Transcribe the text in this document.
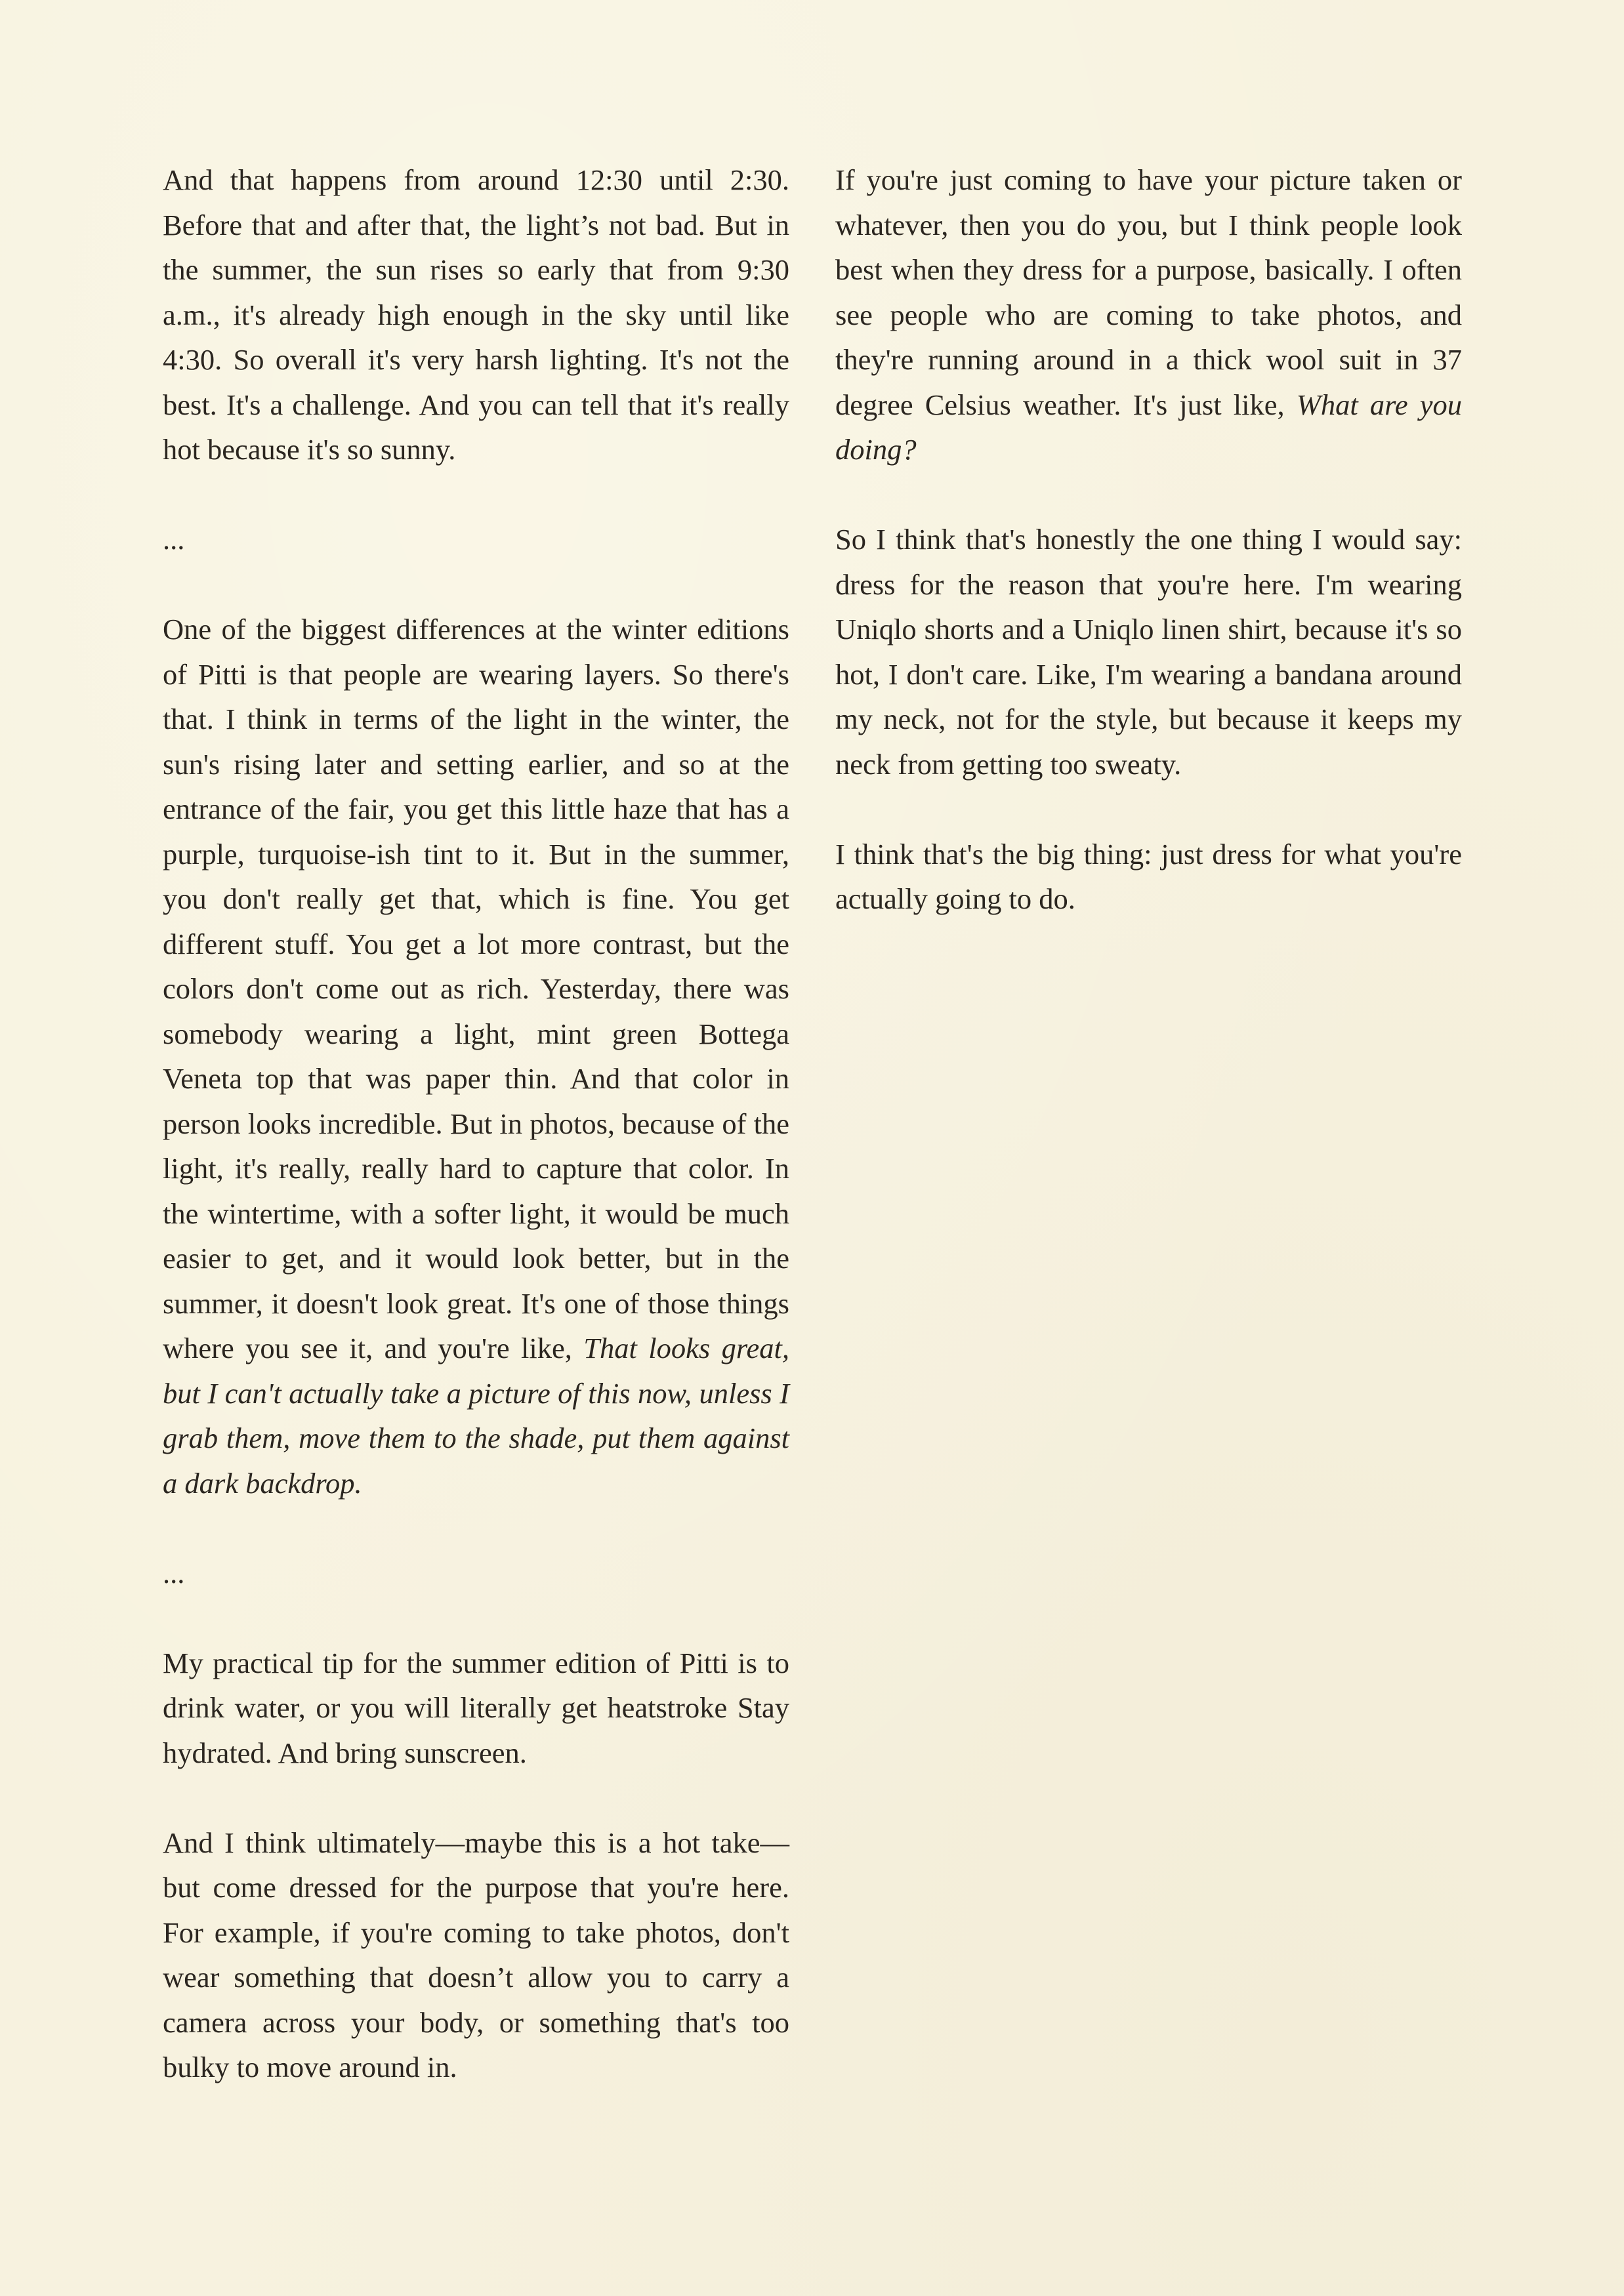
And that happens from around 12:30 until 2:30. Before that and after that, the light’s not bad. But in the summer, the sun rises so early that from 9:30 a.m., it's already high enough in the sky until like 4:30. So overall it's very harsh lighting. It's not the best. It's a challenge. And you can tell that it's really hot because it's so sunny.

...

One of the biggest differences at the winter editions of Pitti is that people are wearing layers. So there's that. I think in terms of the light in the winter, the sun's rising later and setting earlier, and so at the entrance of the fair, you get this little haze that has a purple, turquoise-ish tint to it. But in the summer, you don't really get that, which is fine. You get different stuff. You get a lot more contrast, but the colors don't come out as rich. Yesterday, there was somebody wearing a light, mint green Bottega Veneta top that was paper thin. And that color in person looks incredible. But in photos, because of the light, it's really, really hard to capture that color. In the wintertime, with a softer light, it would be much easier to get, and it would look better, but in the summer, it doesn't look great. It's one of those things where you see it, and you're like, That looks great, but I can't actually take a picture of this now, unless I grab them, move them to the shade, put them against a dark backdrop.

...

My practical tip for the summer edition of Pitti is to drink water, or you will literally get heatstroke Stay hydrated. And bring sunscreen.

And I think ultimately—maybe this is a hot take—but come dressed for the purpose that you're here. For example, if you're coming to take photos, don't wear something that doesn’t allow you to carry a camera across your body, or something that's too bulky to move around in.

If you're just coming to have your picture taken or whatever, then you do you, but I think people look best when they dress for a purpose, basically. I often see people who are coming to take photos, and they're running around in a thick wool suit in 37 degree Celsius weather. It's just like, What are you doing?

So I think that's honestly the one thing I would say: dress for the reason that you're here. I'm wearing Uniqlo shorts and a Uniqlo linen shirt, because it's so hot, I don't care. Like, I'm wearing a bandana around my neck, not for the style, but because it keeps my neck from getting too sweaty.

I think that's the big thing: just dress for what you're actually going to do.
